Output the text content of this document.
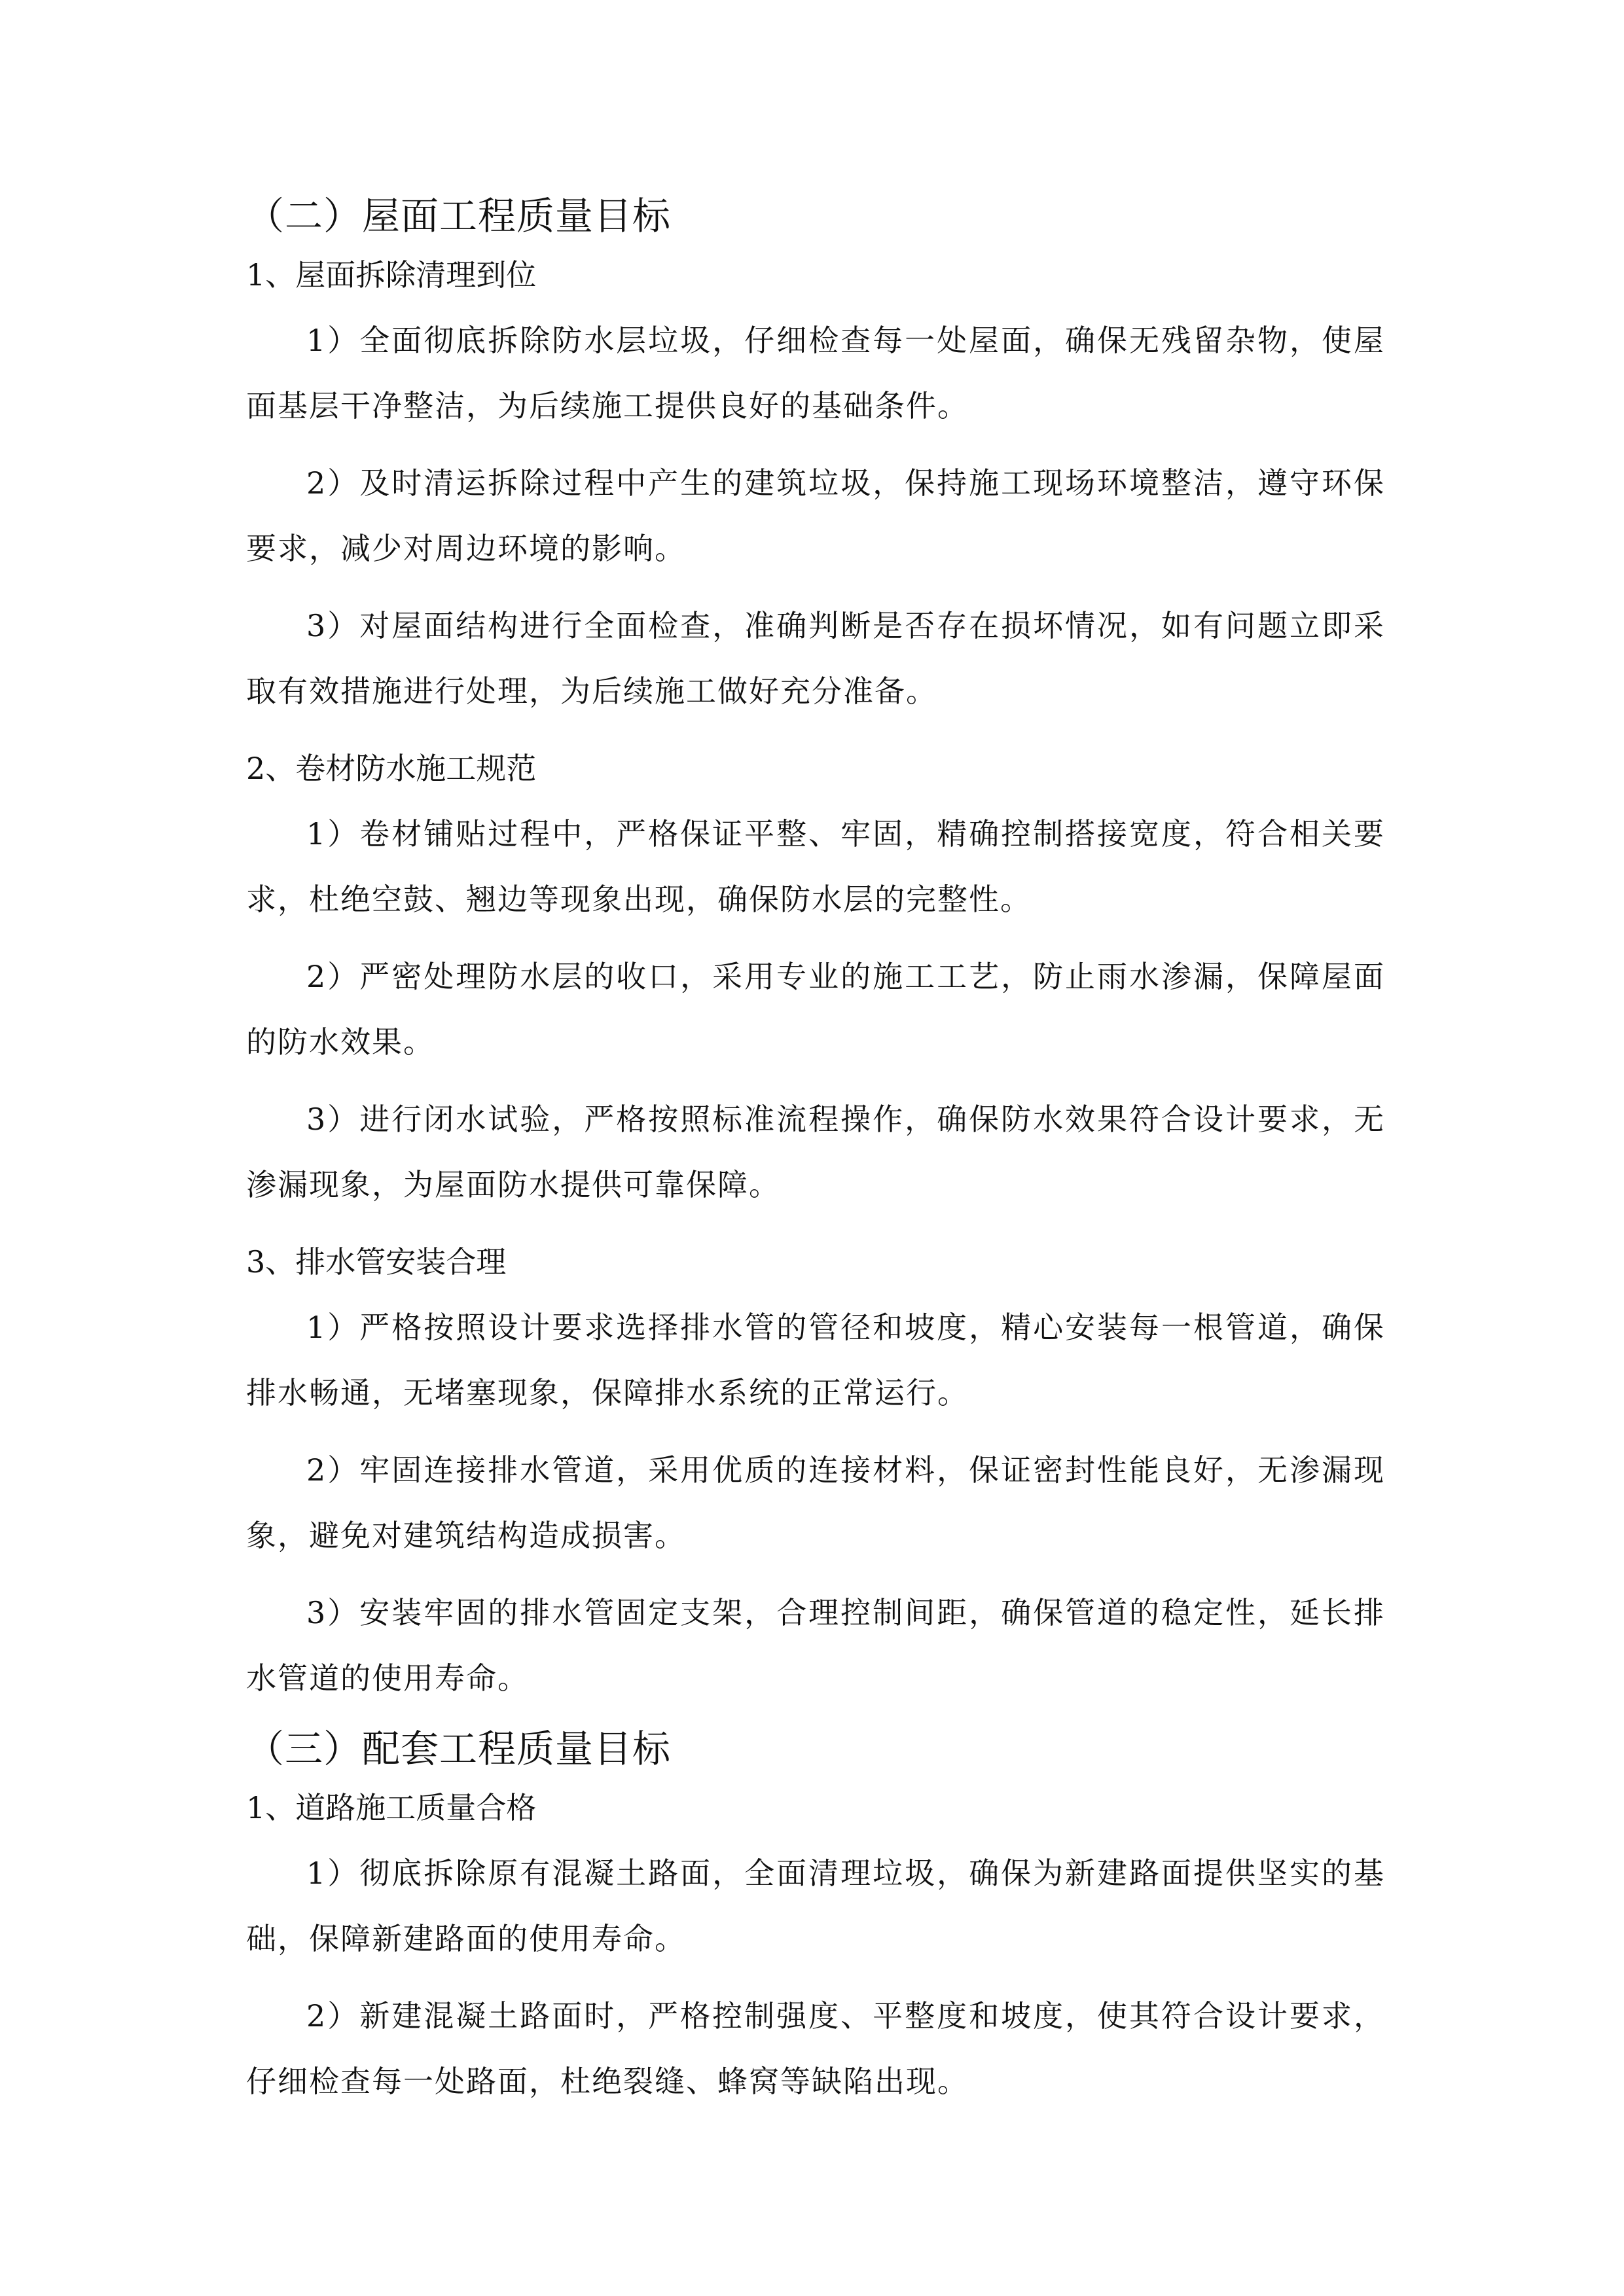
（二）屋面工程质量目标

1、屋面拆除清理到位

1）全面彻底拆除防水层垃圾，仔细检查每一处屋面，确保无残留杂物，使屋面基层干净整洁，为后续施工提供良好的基础条件。

2）及时清运拆除过程中产生的建筑垃圾，保持施工现场环境整洁，遵守环保要求，减少对周边环境的影响。

3）对屋面结构进行全面检查，准确判断是否存在损坏情况，如有问题立即采取有效措施进行处理，为后续施工做好充分准备。

2、卷材防水施工规范

1）卷材铺贴过程中，严格保证平整、牢固，精确控制搭接宽度，符合相关要求，杜绝空鼓、翘边等现象出现，确保防水层的完整性。

2）严密处理防水层的收口，采用专业的施工工艺，防止雨水渗漏，保障屋面的防水效果。

3）进行闭水试验，严格按照标准流程操作，确保防水效果符合设计要求，无渗漏现象，为屋面防水提供可靠保障。

3、排水管安装合理

1）严格按照设计要求选择排水管的管径和坡度，精心安装每一根管道，确保排水畅通，无堵塞现象，保障排水系统的正常运行。

2）牢固连接排水管道，采用优质的连接材料，保证密封性能良好，无渗漏现象，避免对建筑结构造成损害。

3）安装牢固的排水管固定支架，合理控制间距，确保管道的稳定性，延长排水管道的使用寿命。

（三）配套工程质量目标

1、道路施工质量合格

1）彻底拆除原有混凝土路面，全面清理垃圾，确保为新建路面提供坚实的基础，保障新建路面的使用寿命。

2）新建混凝土路面时，严格控制强度、平整度和坡度，使其符合设计要求，仔细检查每一处路面，杜绝裂缝、蜂窝等缺陷出现。
